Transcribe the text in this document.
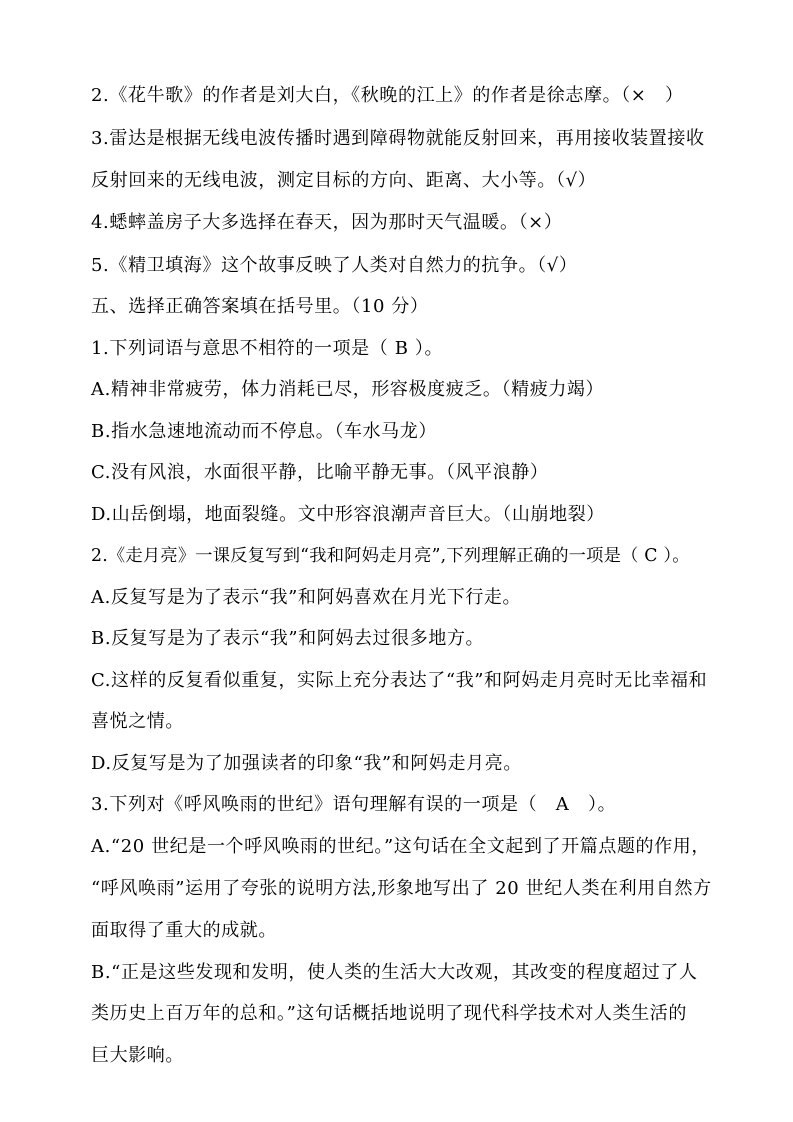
2.《花牛歌》的作者是刘大白，《秋晚的江上》的作者是徐志摩。（×　）
3.雷达是根据无线电波传播时遇到障碍物就能反射回来，再用接收装置接收
反射回来的无线电波，测定目标的方向、距离、大小等。（√）
4.蟋蟀盖房子大多选择在春天，因为那时天气温暖。（×）
5.《精卫填海》这个故事反映了人类对自然力的抗争。（√）
五、选择正确答案填在括号里。（10 分）
1.下列词语与意思不相符的一项是（ B ）。
A.精神非常疲劳，体力消耗已尽，形容极度疲乏。（精疲力竭）
B.指水急速地流动而不停息。（车水马龙）
C.没有风浪，水面很平静，比喻平静无事。（风平浪静）
D.山岳倒塌，地面裂缝。文中形容浪潮声音巨大。（山崩地裂）
2.《走月亮》一课反复写到“我和阿妈走月亮”,下列理解正确的一项是（ C ）。
A.反复写是为了表示“我”和阿妈喜欢在月光下行走。
B.反复写是为了表示“我”和阿妈去过很多地方。
C.这样的反复看似重复，实际上充分表达了“我”和阿妈走月亮时无比幸福和
喜悦之情。
D.反复写是为了加强读者的印象“我”和阿妈走月亮。
3.下列对《呼风唤雨的世纪》语句理解有误的一项是（　A　）。
A.“20 世纪是一个呼风唤雨的世纪。”这句话在全文起到了开篇点题的作用，
“呼风唤雨”运用了夸张的说明方法,形象地写出了 20 世纪人类在利用自然方
面取得了重大的成就。
B.“正是这些发现和发明，使人类的生活大大改观，其改变的程度超过了人
类历史上百万年的总和。”这句话概括地说明了现代科学技术对人类生活的
巨大影响。
